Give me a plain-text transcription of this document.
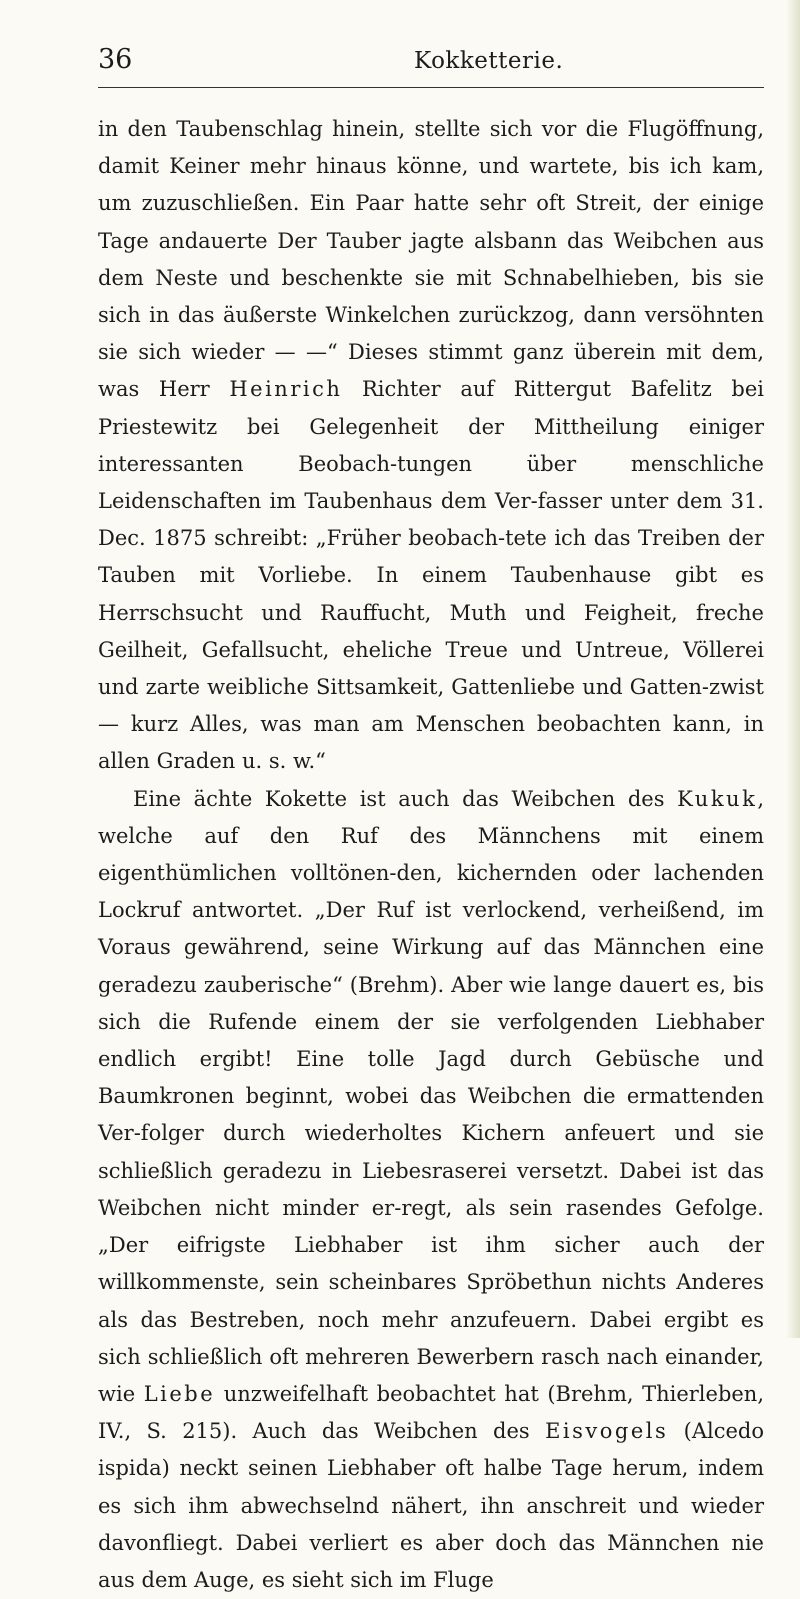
36	Kokketterie.

in den Taubenschlag hinein, stellte sich vor die Flugöffnung, damit Keiner mehr hinaus könne, und wartete, bis ich kam, um zuzuschließen. Ein Paar hatte sehr oft Streit, der einige Tage andauerte Der Tauber jagte alsbann das Weibchen aus dem Neste und beschenkte sie mit Schnabelhieben, bis sie sich in das äußerste Winkelchen zurückzog, dann versöhnten sie sich wieder — —“ Dieses stimmt ganz überein mit dem, was Herr Heinrich Richter auf Rittergut Bafelitz bei Priestewitz bei Gelegenheit der Mittheilung einiger interessanten Beobach-tungen über menschliche Leidenschaften im Taubenhaus dem Ver-fasser unter dem 31. Dec. 1875 schreibt: „Früher beobach-tete ich das Treiben der Tauben mit Vorliebe. In einem Taubenhause gibt es Herrschsucht und Rauffucht, Muth und Feigheit, freche Geilheit, Gefallsucht, eheliche Treue und Untreue, Völlerei und zarte weibliche Sittsamkeit, Gattenliebe und Gatten-zwist — kurz Alles, was man am Menschen beobachten kann, in allen Graden u. s. w.“

Eine ächte Kokette ist auch das Weibchen des Kukuk, welche auf den Ruf des Männchens mit einem eigenthümlichen volltönen-den, kichernden oder lachenden Lockruf antwortet. „Der Ruf ist verlockend, verheißend, im Voraus gewährend, seine Wirkung auf das Männchen eine geradezu zauberische“ (Brehm). Aber wie lange dauert es, bis sich die Rufende einem der sie verfolgenden Liebhaber endlich ergibt! Eine tolle Jagd durch Gebüsche und Baumkronen beginnt, wobei das Weibchen die ermattenden Ver-folger durch wiederholtes Kichern anfeuert und sie schließlich geradezu in Liebesraserei versetzt. Dabei ist das Weibchen nicht minder er-regt, als sein rasendes Gefolge. „Der eifrigste Liebhaber ist ihm sicher auch der willkommenste, sein scheinbares Spröbethun nichts Anderes als das Bestreben, noch mehr anzufeuern. Dabei ergibt es sich schließlich oft mehreren Bewerbern rasch nach einander, wie Liebe unzweifelhaft beobachtet hat (Brehm, Thierleben, IV., S. 215). Auch das Weibchen des Eisvogels (Alcedo ispida) neckt seinen Liebhaber oft halbe Tage herum, indem es sich ihm abwechselnd nähert, ihn anschreit und wieder davonfliegt. Dabei verliert es aber doch das Männchen nie aus dem Auge, es sieht sich im Fluge
